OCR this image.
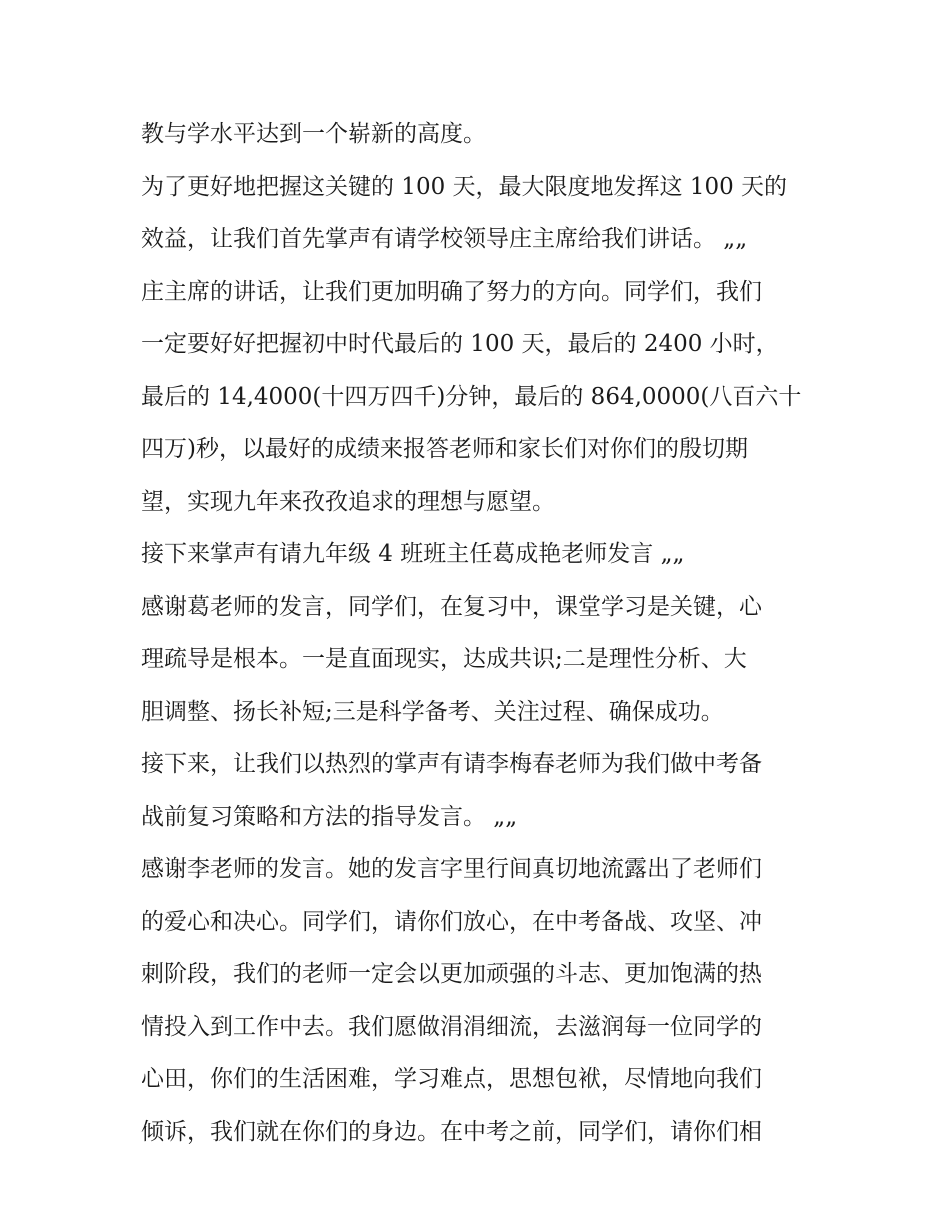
教与学水平达到一个崭新的高度。
为了更好地把握这关键的 100 天，最大限度地发挥这 100 天的
效益，让我们首先掌声有请学校领导庄主席给我们讲话。 „„
庄主席的讲话，让我们更加明确了努力的方向。同学们，我们
一定要好好把握初中时代最后的 100 天，最后的 2400 小时，
最后的 14,4000(十四万四千)分钟，最后的 864,0000(八百六十
四万)秒，以最好的成绩来报答老师和家长们对你们的殷切期
望，实现九年来孜孜追求的理想与愿望。
接下来掌声有请九年级 4 班班主任葛成艳老师发言 „„
感谢葛老师的发言，同学们，在复习中，课堂学习是关键，心
理疏导是根本。一是直面现实，达成共识;二是理性分析、大
胆调整、扬长补短;三是科学备考、关注过程、确保成功。
接下来，让我们以热烈的掌声有请李梅春老师为我们做中考备
战前复习策略和方法的指导发言。 „„
感谢李老师的发言。她的发言字里行间真切地流露出了老师们
的爱心和决心。同学们，请你们放心，在中考备战、攻坚、冲
刺阶段，我们的老师一定会以更加顽强的斗志、更加饱满的热
情投入到工作中去。我们愿做涓涓细流，去滋润每一位同学的
心田，你们的生活困难，学习难点，思想包袱，尽情地向我们
倾诉，我们就在你们的身边。在中考之前，同学们，请你们相
